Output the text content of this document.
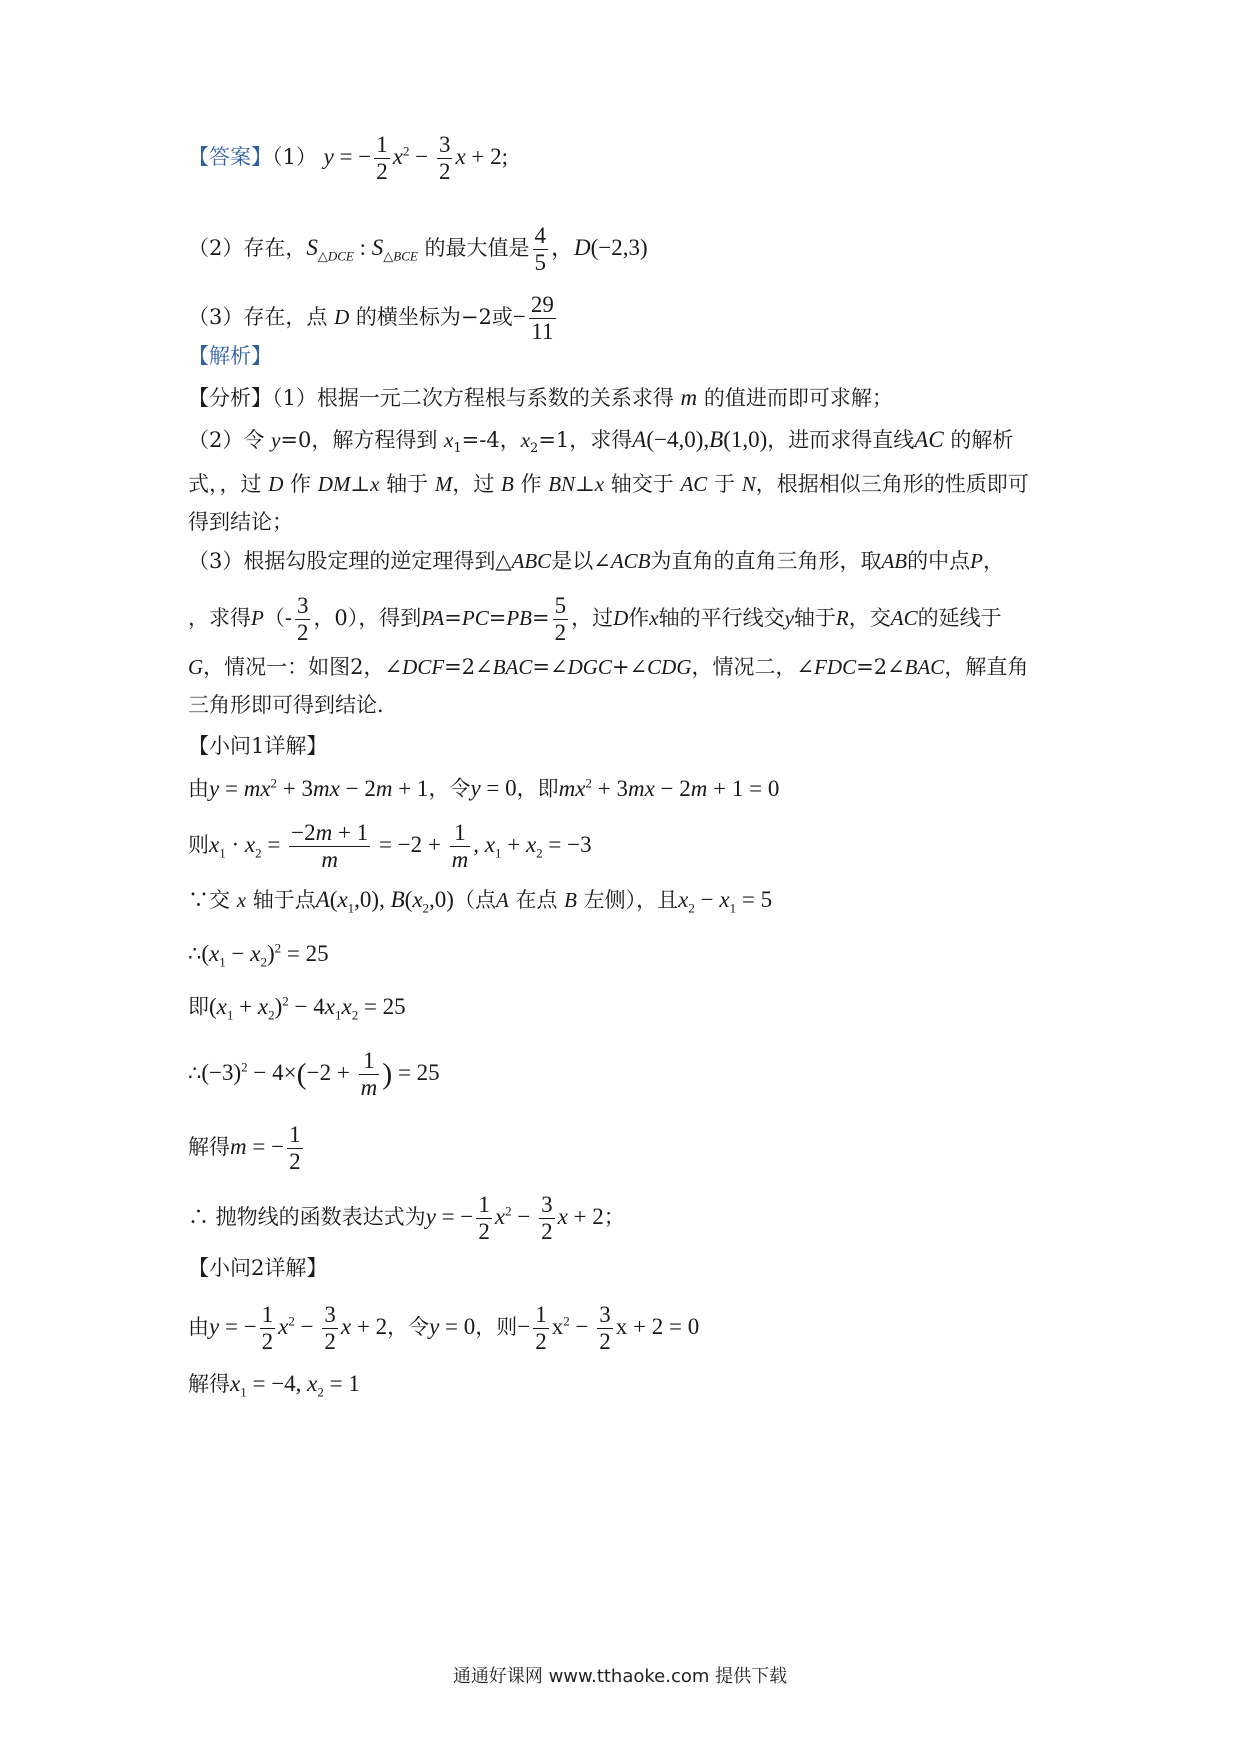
【答案】（1） y = − $\frac{1}{2} x^2 - \frac{3}{2}$ x + 2;
（2）存在，$S_{\triangle DCE}$ : $S_{\triangle BCE}$ 的最大值是 $\frac{4}{5}$ ，D(−2,3)
（3）存在，点 D 的横坐标为−2或− $\frac{29}{11}$
【解析】
【分析】（1）根据一元二次方程根与系数的关系求得 m 的值进而即可求解；
（2）令 y=0，解方程得到 $x_1=-4$，$x_2=1$，求得A(−4,0),B(1,0)，进而求得直线AC 的解析
式，，过 D 作 DM⊥x 轴于 M，过 B 作 BN⊥x 轴交于 AC 于 N，根据相似三角形的性质即可
得到结论；
（3）根据勾股定理的逆定理得到△ABC是以∠ACB为直角的直角三角形，取AB的中点P，
，求得$P(- \frac{3}{2}$ ，0），得到$PA=PC=PB= \frac{5}{2}$ ，过D作x轴的平行线交y轴于R，交AC的延线于
G，情况一：如图2，∠DCF=2∠BAC=∠DGC+∠CDG，情况二，∠FDC=2∠BAC，解直角
三角形即可得到结论.
【小问1详解】
由$y = mx^2 + 3mx - 2m + 1$，令y = 0，即$mx^2 + 3mx - 2m + 1 = 0$
则$x_1 \cdot x_2 = \frac{-2m + 1}{m} = -2 + \frac{1}{m}$ , $x_1 + x_2 = -3$
∵交 x 轴于点$A(x_1,0)$, $B(x_2,0)$（点A 在点 B 左侧），且$x_2 - x_1 = 5$
$\therefore(x_1 - x_2)^2 = 25$
即$(x_1 + x_2)^2 - 4x_1x_2 = 25$
$\therefore(-3)^2 - 4\times(-2 + \frac{1}{m}$ ) = 25
解得m = − $\frac{1}{2}$
∴ 抛物线的函数表达式为y = − $\frac{1}{2} x^2 - \frac{3}{2}$ x + 2；
【小问2详解】
由y = − $\frac{1}{2} x^2 - \frac{3}{2}$ x + 2，令y = 0，则− $\frac{1}{2} x^2 - \frac{3}{2}$ x + 2 = 0
解得$x_1 = -4$, $x_2 = 1$
通通好课网 www.tthaoke.com 提供下载
